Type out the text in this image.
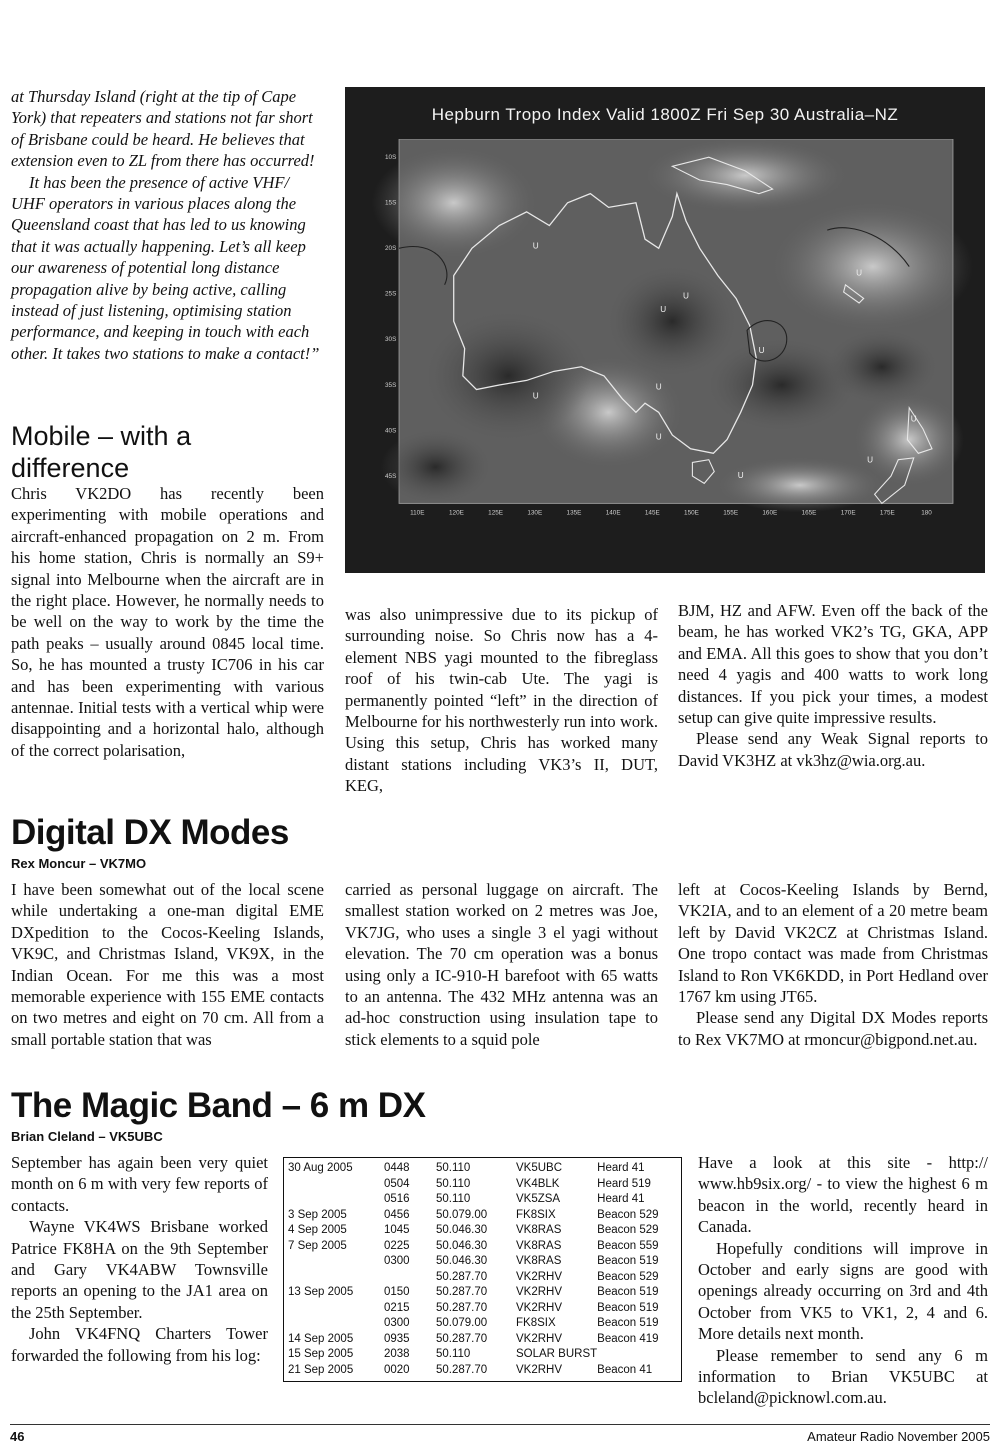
at Thursday Island (right at the tip of Cape York) that repeaters and stations not far short of Brisbane could be heard. He believes that extension even to ZL from there has occurred!

It has been the presence of active VHF/ UHF operators in various places along the Queensland coast that has led to us knowing that it was actually happening. Let’s all keep our awareness of potential long distance propagation alive by being active, calling instead of just listening, optimising station performance, and keeping in touch with each other. It takes two stations to make a contact!”

Mobile – with a
difference

Chris VK2DO has recently been experimenting with mobile operations and aircraft-enhanced propagation on 2 m. From his home station, Chris is normally an S9+ signal into Melbourne when the aircraft are in the right place. However, he normally needs to be well on the way to work by the time the path peaks – usually around 0845 local time. So, he has mounted a trusty IC706 in his car and has been experimenting with various antennae. Initial tests with a vertical whip were disappointing and a horizontal halo, although of the correct polarisation,

was also unimpressive due to its pickup of surrounding noise. So Chris now has a 4-element NBS yagi mounted to the fibreglass roof of his twin-cab Ute. The yagi is permanently pointed “left” in the direction of Melbourne for his northwesterly run into work. Using this setup, Chris has worked many distant stations including VK3’s II, DUT, KEG,

BJM, HZ and AFW. Even off the back of the beam, he has worked VK2’s TG, GKA, APP and EMA. All this goes to show that you don’t need 4 yagis and 400 watts to work long distances. If you pick your times, a modest setup can give quite impressive results.

Please send any Weak Signal reports to David VK3HZ at vk3hz@wia.org.au.

Hepburn Tropo Index Valid 1800Z Fri Sep 30 Australia–NZ
U
U
U
U
U
U
U
U
U
U
U
10S
15S
20S
25S
30S
35S
40S
45S
110E	120E	125E	130E	135E	140E	145E	150E	155E	160E	165E	170E	175E	180
Digital DX Modes
Rex Moncur – VK7MO

I have been somewhat out of the local scene while undertaking a one-man digital EME DXpedition to the Cocos-Keeling Islands, VK9C, and Christmas Island, VK9X, in the Indian Ocean. For me this was a most memorable experience with 155 EME contacts on two metres and eight on 70 cm. All from a small portable station that was

carried as personal luggage on aircraft. The smallest station worked on 2 metres was Joe, VK7JG, who uses a single 3 el yagi without elevation. The 70 cm operation was a bonus using only a IC-910-H barefoot with 65 watts to an antenna. The 432 MHz antenna was an ad-hoc construction using insulation tape to stick elements to a squid pole

left at Cocos-Keeling Islands by Bernd, VK2IA, and to an element of a 20 metre beam left by David VK2CZ at Christmas Island. One tropo contact was made from Christmas Island to Ron VK6KDD, in Port Hedland over 1767 km using JT65.

Please send any Digital DX Modes reports to Rex VK7MO at rmoncur@bigpond.net.au.

The Magic Band – 6 m DX
Brian Cleland – VK5UBC

September has again been very quiet month on 6 m with very few reports of contacts.

Wayne VK4WS Brisbane worked Patrice FK8HA on the 9th September and Gary VK4ABW Townsville reports an opening to the JA1 area on the 25th September.

John VK4FNQ Charters Tower forwarded the following from his log:

30 Aug 2005	0448	50.110	VK5UBC	Heard 41
	0504	50.110	VK4BLK	Heard 519
	0516	50.110	VK5ZSA	Heard 41
3 Sep 2005	0456	50.079.00	FK8SIX	Beacon 529
4 Sep 2005	1045	50.046.30	VK8RAS	Beacon 529
7 Sep 2005	0225	50.046.30	VK8RAS	Beacon 559
	0300	50.046.30	VK8RAS	Beacon 519
		50.287.70	VK2RHV	Beacon 529
13 Sep 2005	0150	50.287.70	VK2RHV	Beacon 519
	0215	50.287.70	VK2RHV	Beacon 519
	0300	50.079.00	FK8SIX	Beacon 519
14 Sep 2005	0935	50.287.70	VK2RHV	Beacon 419
15 Sep 2005	2038	50.110	SOLAR BURST	
21 Sep 2005	0020	50.287.70	VK2RHV	Beacon 41

Have a look at this site - http:// www.hb9six.org/ - to view the highest 6 m beacon in the world, recently heard in Canada.

Hopefully conditions will improve in October and early signs are good with openings already occurring on 3rd and 4th October from VK5 to VK1, 2, 4 and 6. More details next month.

Please remember to send any 6 m information to Brian VK5UBC at bcleland@picknowl.com.au.

46	Amateur Radio November 2005
